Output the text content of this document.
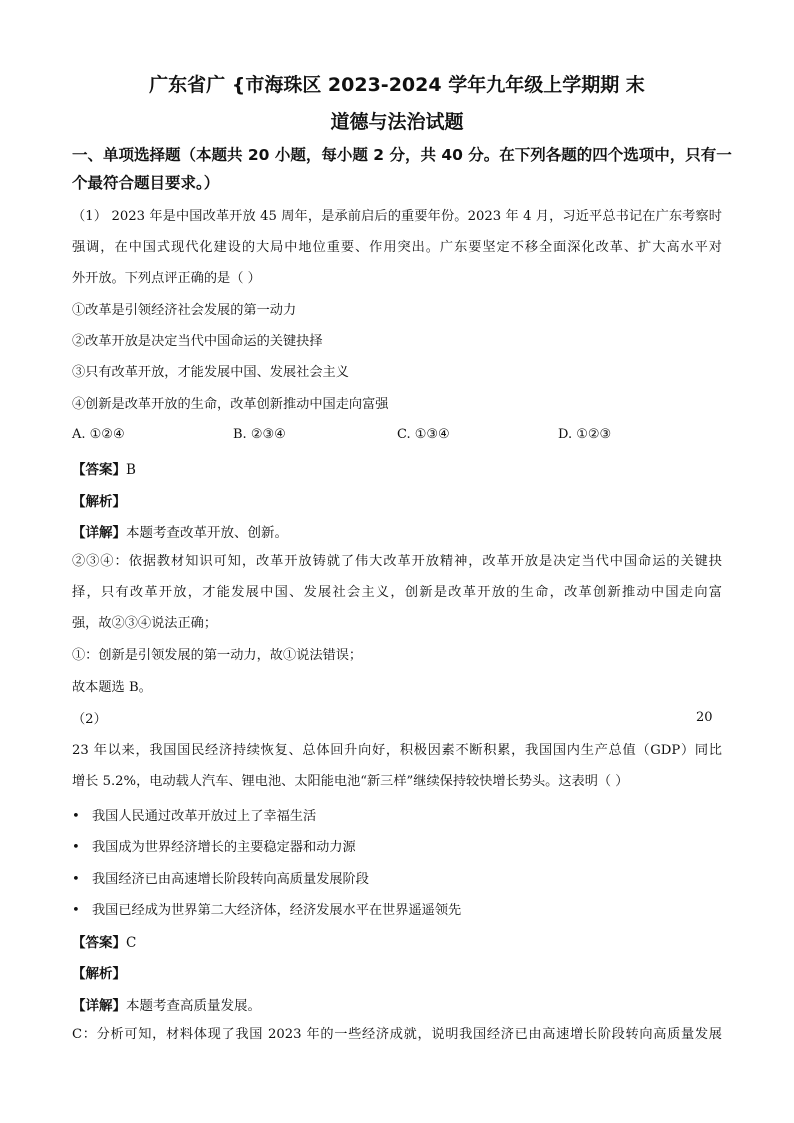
广东省广 {市海珠区 2023-2024 学年九年级上学期期 末
道德与法治试题
一、单项选择题（本题共 20 小题，每小题 2 分，共 40 分。在下列各题的四个选项中，只有一个最符合题目要求。）
（1） 2023 年是中国改革开放 45 周年，是承前启后的重要年份。2023 年 4 月，习近平总书记在广东考察时
强调，在中国式现代化建设的大局中地位重要、作用突出。广东要坚定不移全面深化改革、扩大高水平对
外开放。下列点评正确的是（ ）
①改革是引领经济社会发展的第一动力
②改革开放是决定当代中国命运的关键抉择
③只有改革开放，才能发展中国、发展社会主义
④创新是改革开放的生命，改革创新推动中国走向富强
A. ①②④	B. ②③④	C. ①③④	D. ①②③
【答案】B
【解析】
【详解】本题考查改革开放、创新。
②③④：依据教材知识可知，改革开放铸就了伟大改革开放精神，改革开放是决定当代中国命运的关键抉
择，只有改革开放，才能发展中国、发展社会主义，创新是改革开放的生命，改革创新推动中国走向富
强，故②③④说法正确；
①：创新是引领发展的第一动力，故①说法错误；
故本题选 B。
（2）	20
23 年以来，我国国民经济持续恢复、总体回升向好，积极因素不断积累，我国国内生产总值（GDP）同比
增长 5.2%，电动载人汽车、锂电池、太阳能电池“新三样”继续保持较快增长势头。这表明（ ）
• 我国人民通过改革开放过上了幸福生活
• 我国成为世界经济增长的主要稳定器和动力源
• 我国经济已由高速增长阶段转向高质量发展阶段
• 我国已经成为世界第二大经济体，经济发展水平在世界遥遥领先
【答案】C
【解析】
【详解】本题考查高质量发展。
C：分析可知，材料体现了我国 2023 年的一些经济成就，说明我国经济已由高速增长阶段转向高质量发展
